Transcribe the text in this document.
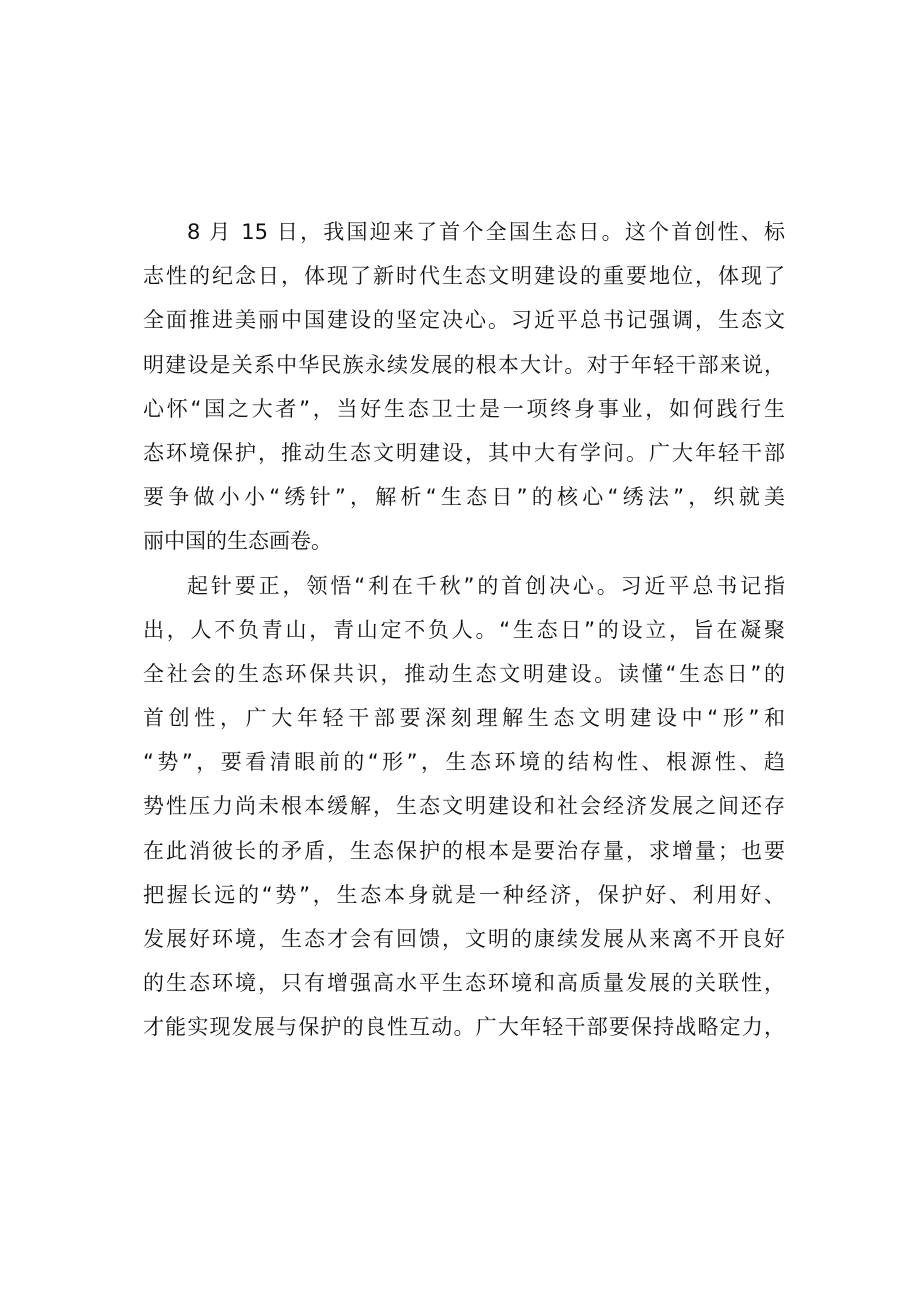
8 月 15 日，我国迎来了首个全国生态日。这个首创性、标
志性的纪念日，体现了新时代生态文明建设的重要地位，体现了
全面推进美丽中国建设的坚定决心。习近平总书记强调，生态文
明建设是关系中华民族永续发展的根本大计。对于年轻干部来说，
心怀“国之大者”，当好生态卫士是一项终身事业，如何践行生
态环境保护，推动生态文明建设，其中大有学问。广大年轻干部
要争做小小“绣针”，解析“生态日”的核心“绣法”，织就美
丽中国的生态画卷。
起针要正，领悟“利在千秋”的首创决心。习近平总书记指
出，人不负青山，青山定不负人。“生态日”的设立，旨在凝聚
全社会的生态环保共识，推动生态文明建设。读懂“生态日”的
首创性，广大年轻干部要深刻理解生态文明建设中“形”和
“势”，要看清眼前的“形”，生态环境的结构性、根源性、趋
势性压力尚未根本缓解，生态文明建设和社会经济发展之间还存
在此消彼长的矛盾，生态保护的根本是要治存量，求增量；也要
把握长远的“势”，生态本身就是一种经济，保护好、利用好、
发展好环境，生态才会有回馈，文明的康续发展从来离不开良好
的生态环境，只有增强高水平生态环境和高质量发展的关联性，
才能实现发展与保护的良性互动。广大年轻干部要保持战略定力，
